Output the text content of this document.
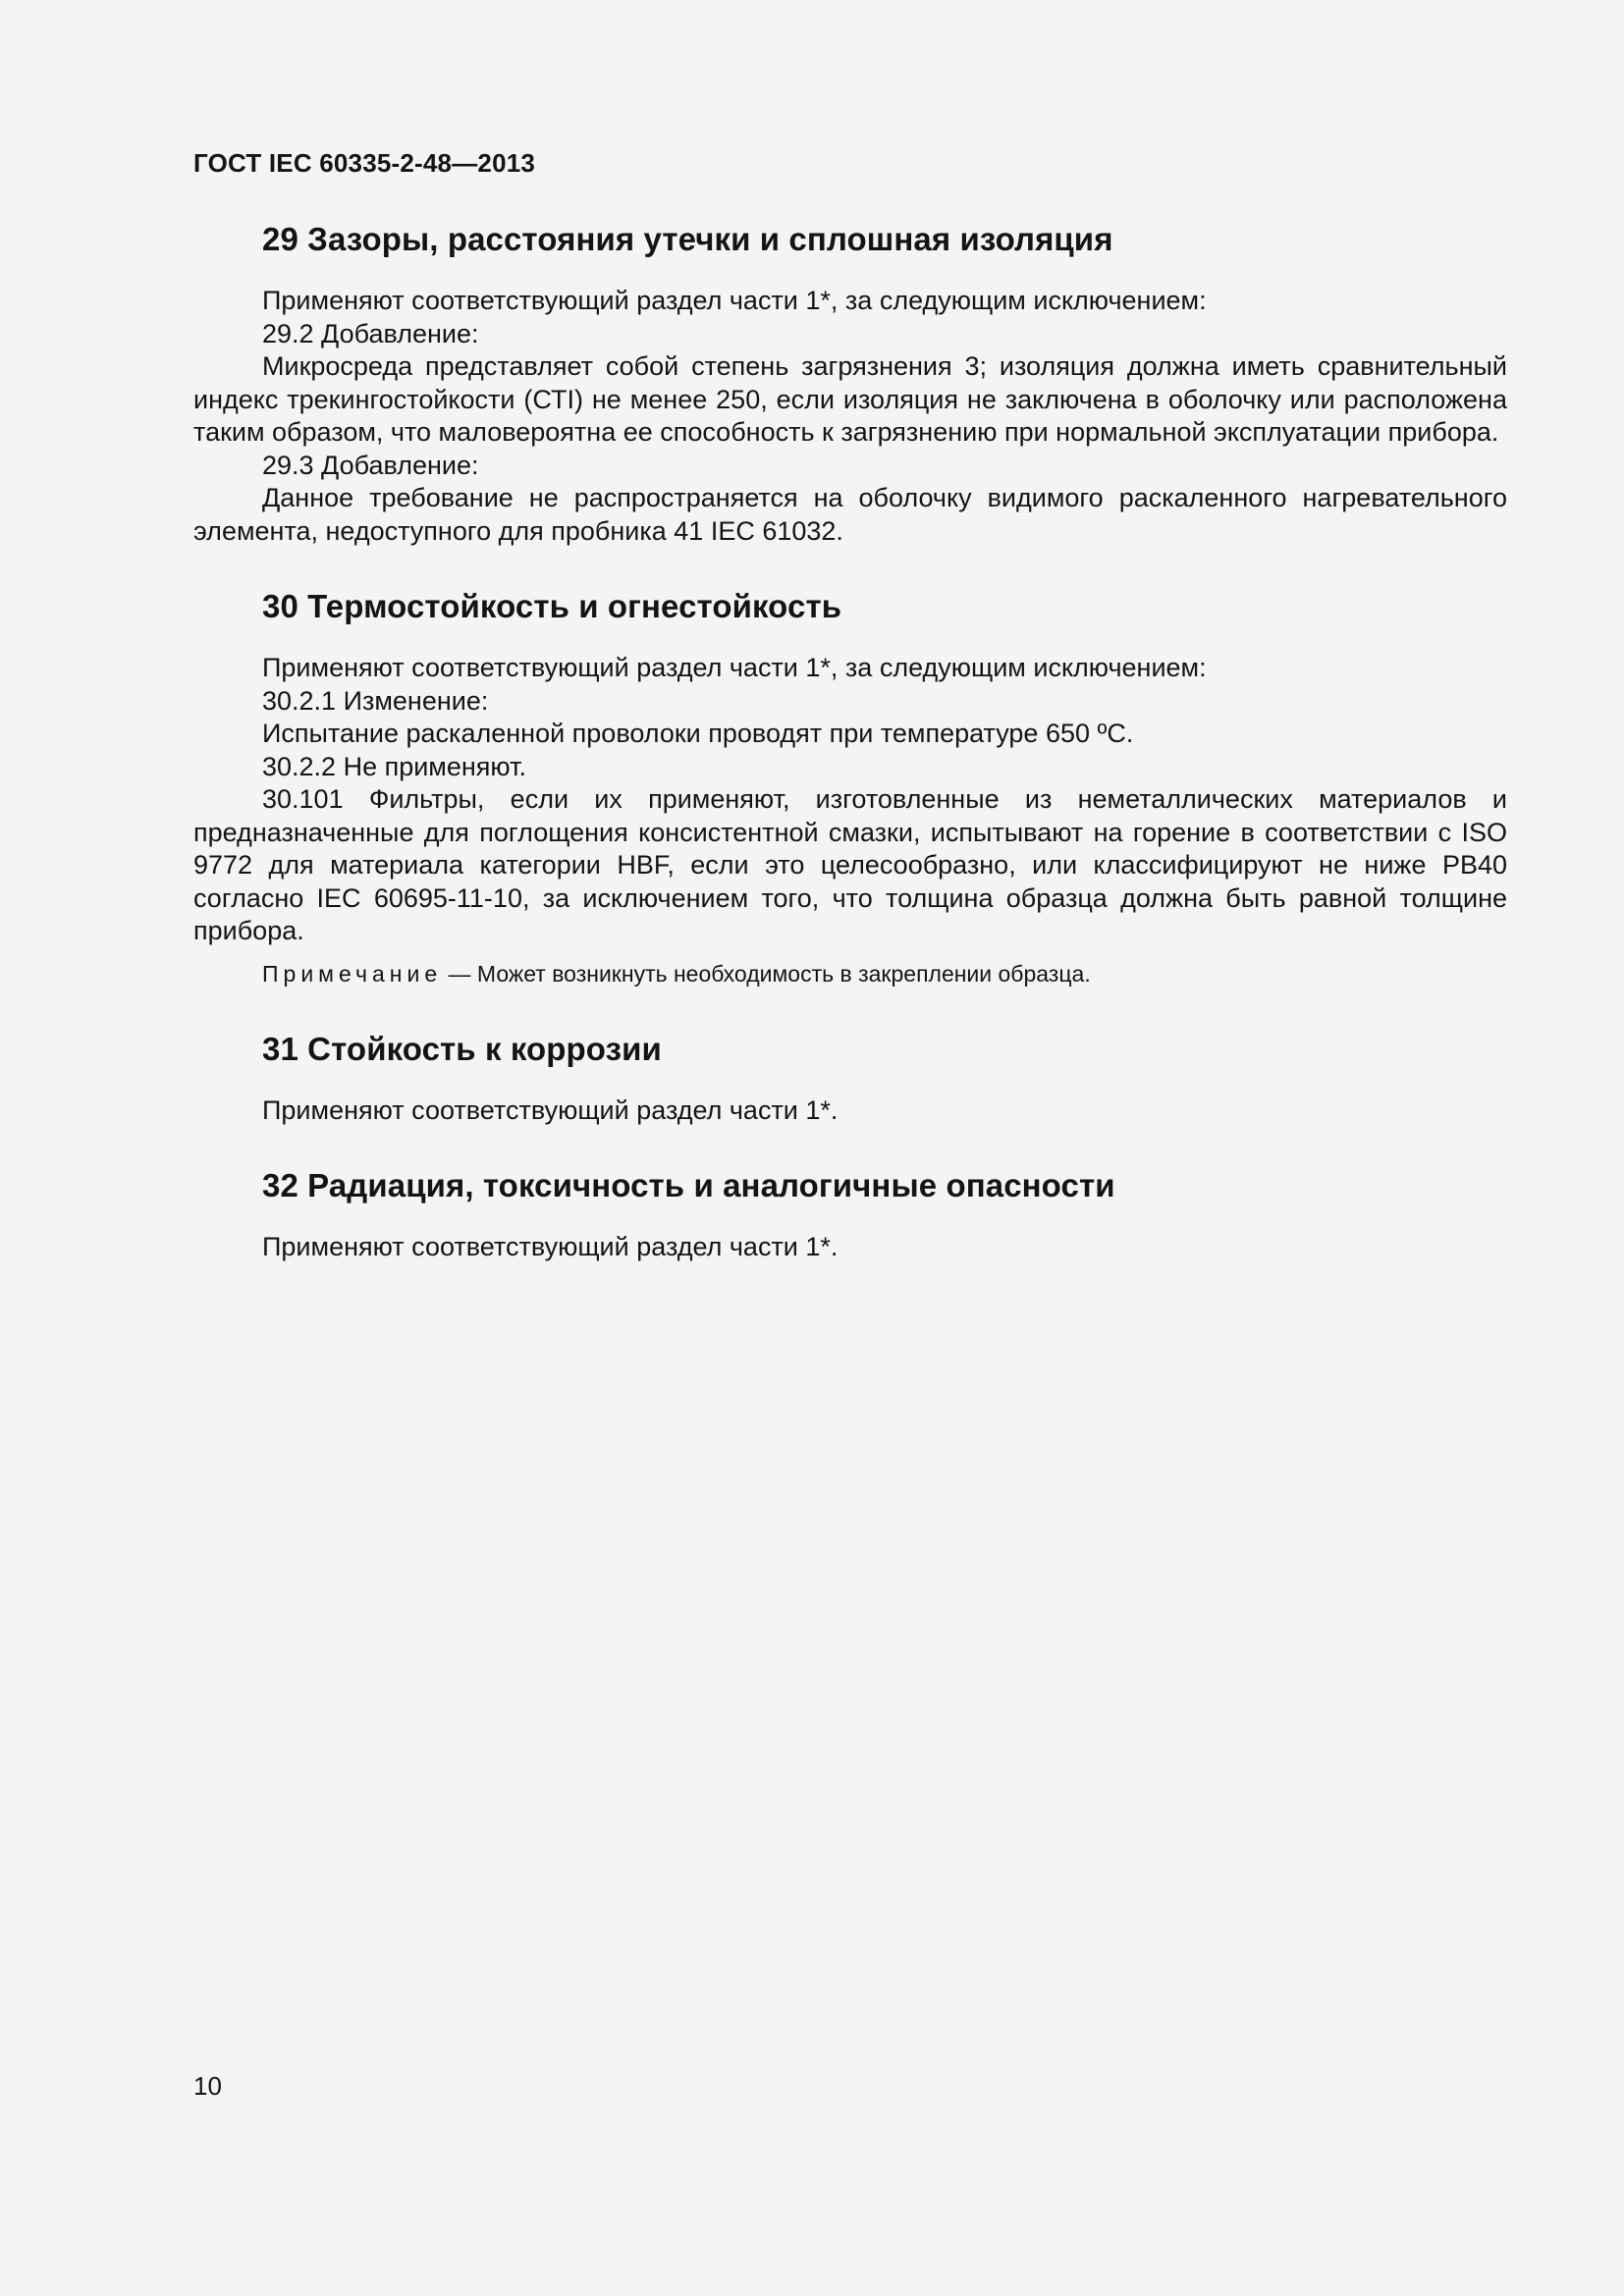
ГОСТ IEC 60335-2-48—2013
29 Зазоры, расстояния утечки и сплошная изоляция

Применяют соответствующий раздел части 1*, за следующим исключением:

29.2 Добавление:

Микросреда представляет собой степень загрязнения 3; изоляция должна иметь сравнительный индекс трекингостойкости (СТI) не менее 250, если изоляция не заключена в оболочку или расположена таким образом, что маловероятна ее способность к загрязнению при нормальной эксплуатации прибора.

29.3 Добавление:

Данное требование не распространяется на оболочку видимого раскаленного нагревательного элемента, недоступного для пробника 41 IEC 61032.

30 Термостойкость и огнестойкость

Применяют соответствующий раздел части 1*, за следующим исключением:

30.2.1 Изменение:

Испытание раскаленной проволоки проводят при температуре 650 ºС.

30.2.2 Не применяют.

30.101 Фильтры, если их применяют, изготовленные из неметаллических материалов и предназначенные для поглощения консистентной смазки, испытывают на горение в соответствии с ISO 9772 для материала категории HBF, если это целесообразно, или классифицируют не ниже PB40 согласно IEC 60695-11-10, за исключением того, что толщина образца должна быть равной толщине прибора.

Примечание — Может возникнуть необходимость в закреплении образца.

31 Стойкость к коррозии

Применяют соответствующий раздел части 1*.

32 Радиация, токсичность и аналогичные опасности

Применяют соответствующий раздел части 1*.

10
